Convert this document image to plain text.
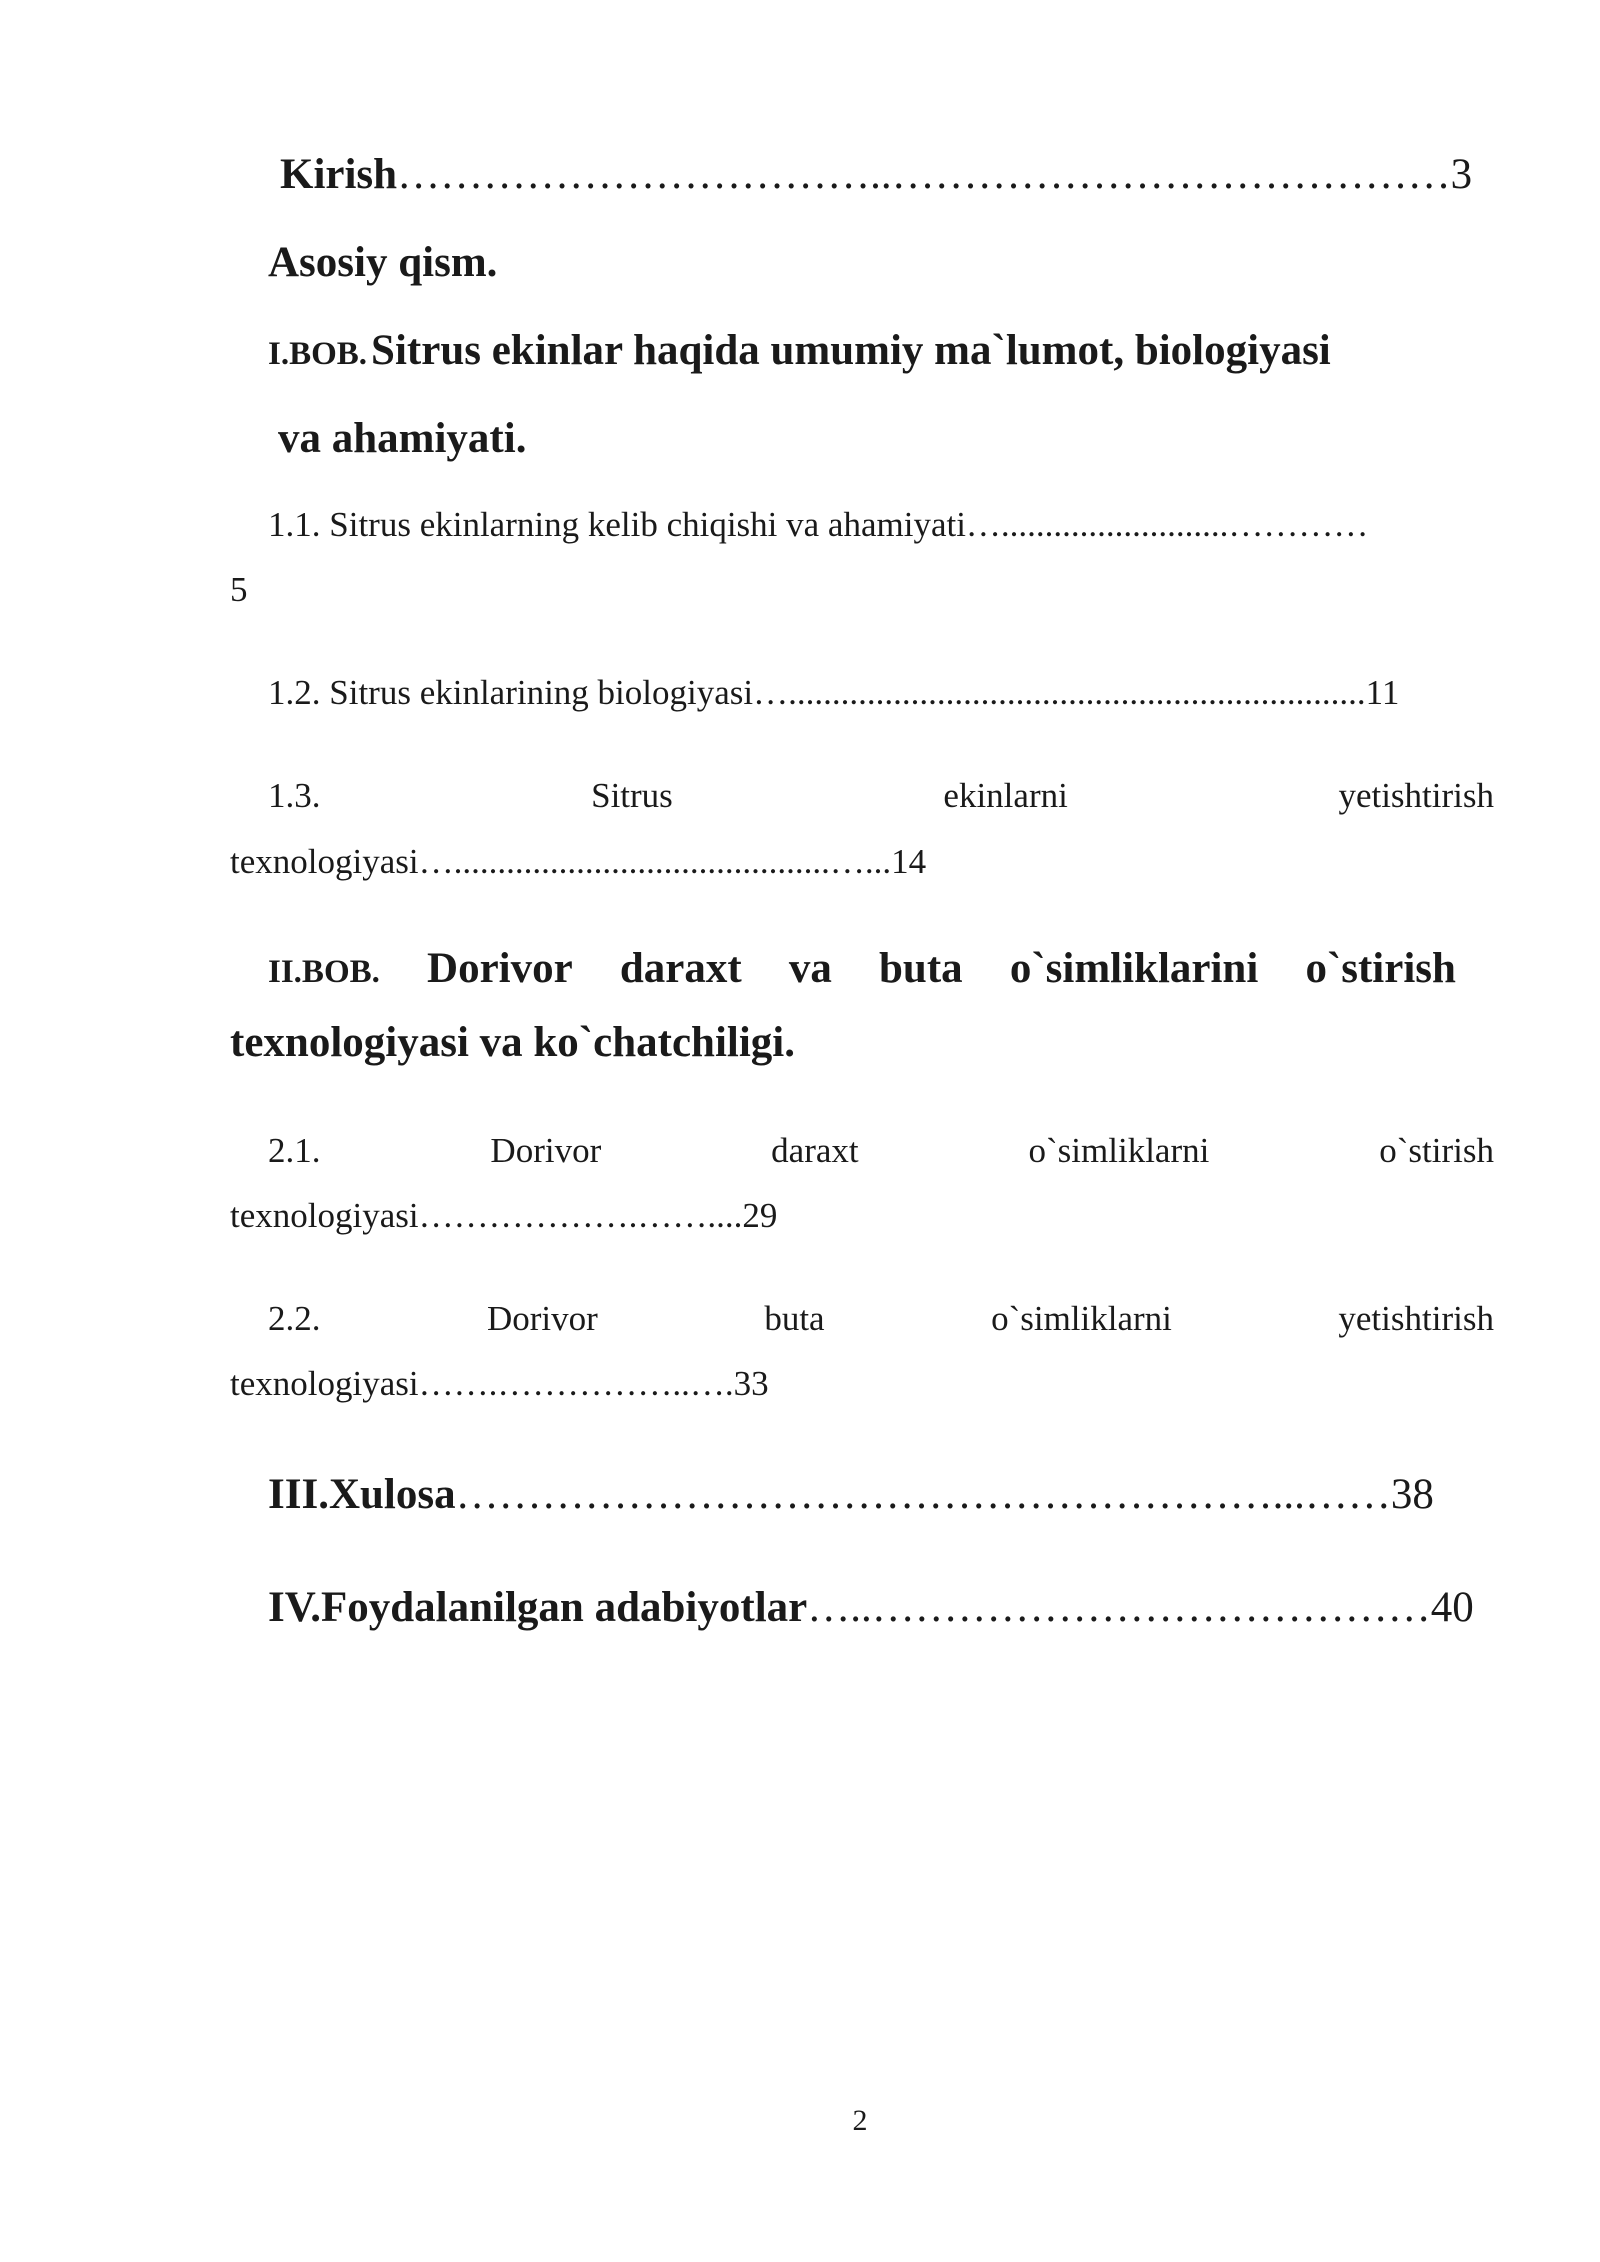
Kirish……………………………..…………………………………3
Asosiy qism.
I.BOB. Sitrus ekinlar haqida umumiy ma`lumot, biologiyasi
va ahamiyati.
1.1. Sitrus ekinlarning kelib chiqishi va ahamiyati…..........................…………
5
1.2. Sitrus ekinlarining biologiyasi…..................................................................11
1.3.	Sitrus	ekinlarni	yetishtirish
texnologiyasi…...........................................…...14
II.BOB. Dorivor daraxt va buta o`simliklarini o`stirish
texnologiyasi va ko`chatchiligi.
2.1.	Dorivor	daraxt	o`simliklarni	o`stirish
texnologiyasi……………….……....29
2.2.	Dorivor	buta	o`simliklarni	yetishtirish
texnologiyasi…….……………..….33
III.Xulosa…………………………………………………...……38
IV.Foydalanilgan adabiyotlar…..…………………………………40
2
